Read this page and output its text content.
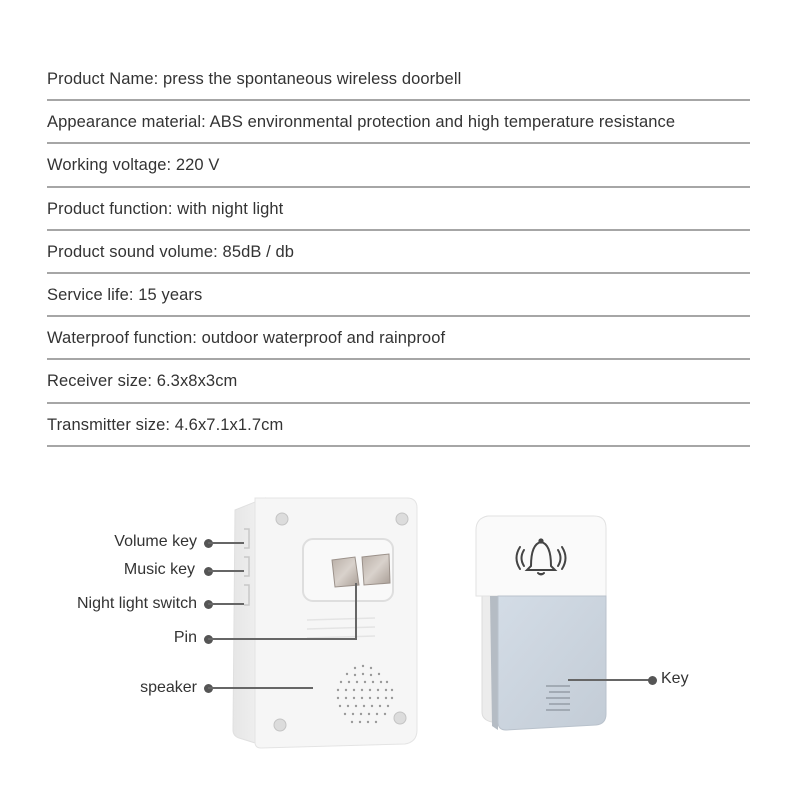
Product Name: press the spontaneous wireless doorbell
Appearance material: ABS environmental protection and high temperature resistance
Working voltage: 220 V
Product function: with night light
Product sound volume: 85dB / db
Service life: 15 years
Waterproof function: outdoor waterproof and rainproof
Receiver size: 6.3x8x3cm
Transmitter size: 4.6x7.1x1.7cm
Volume key
Music key
Night light switch
Pin
speaker
Key
